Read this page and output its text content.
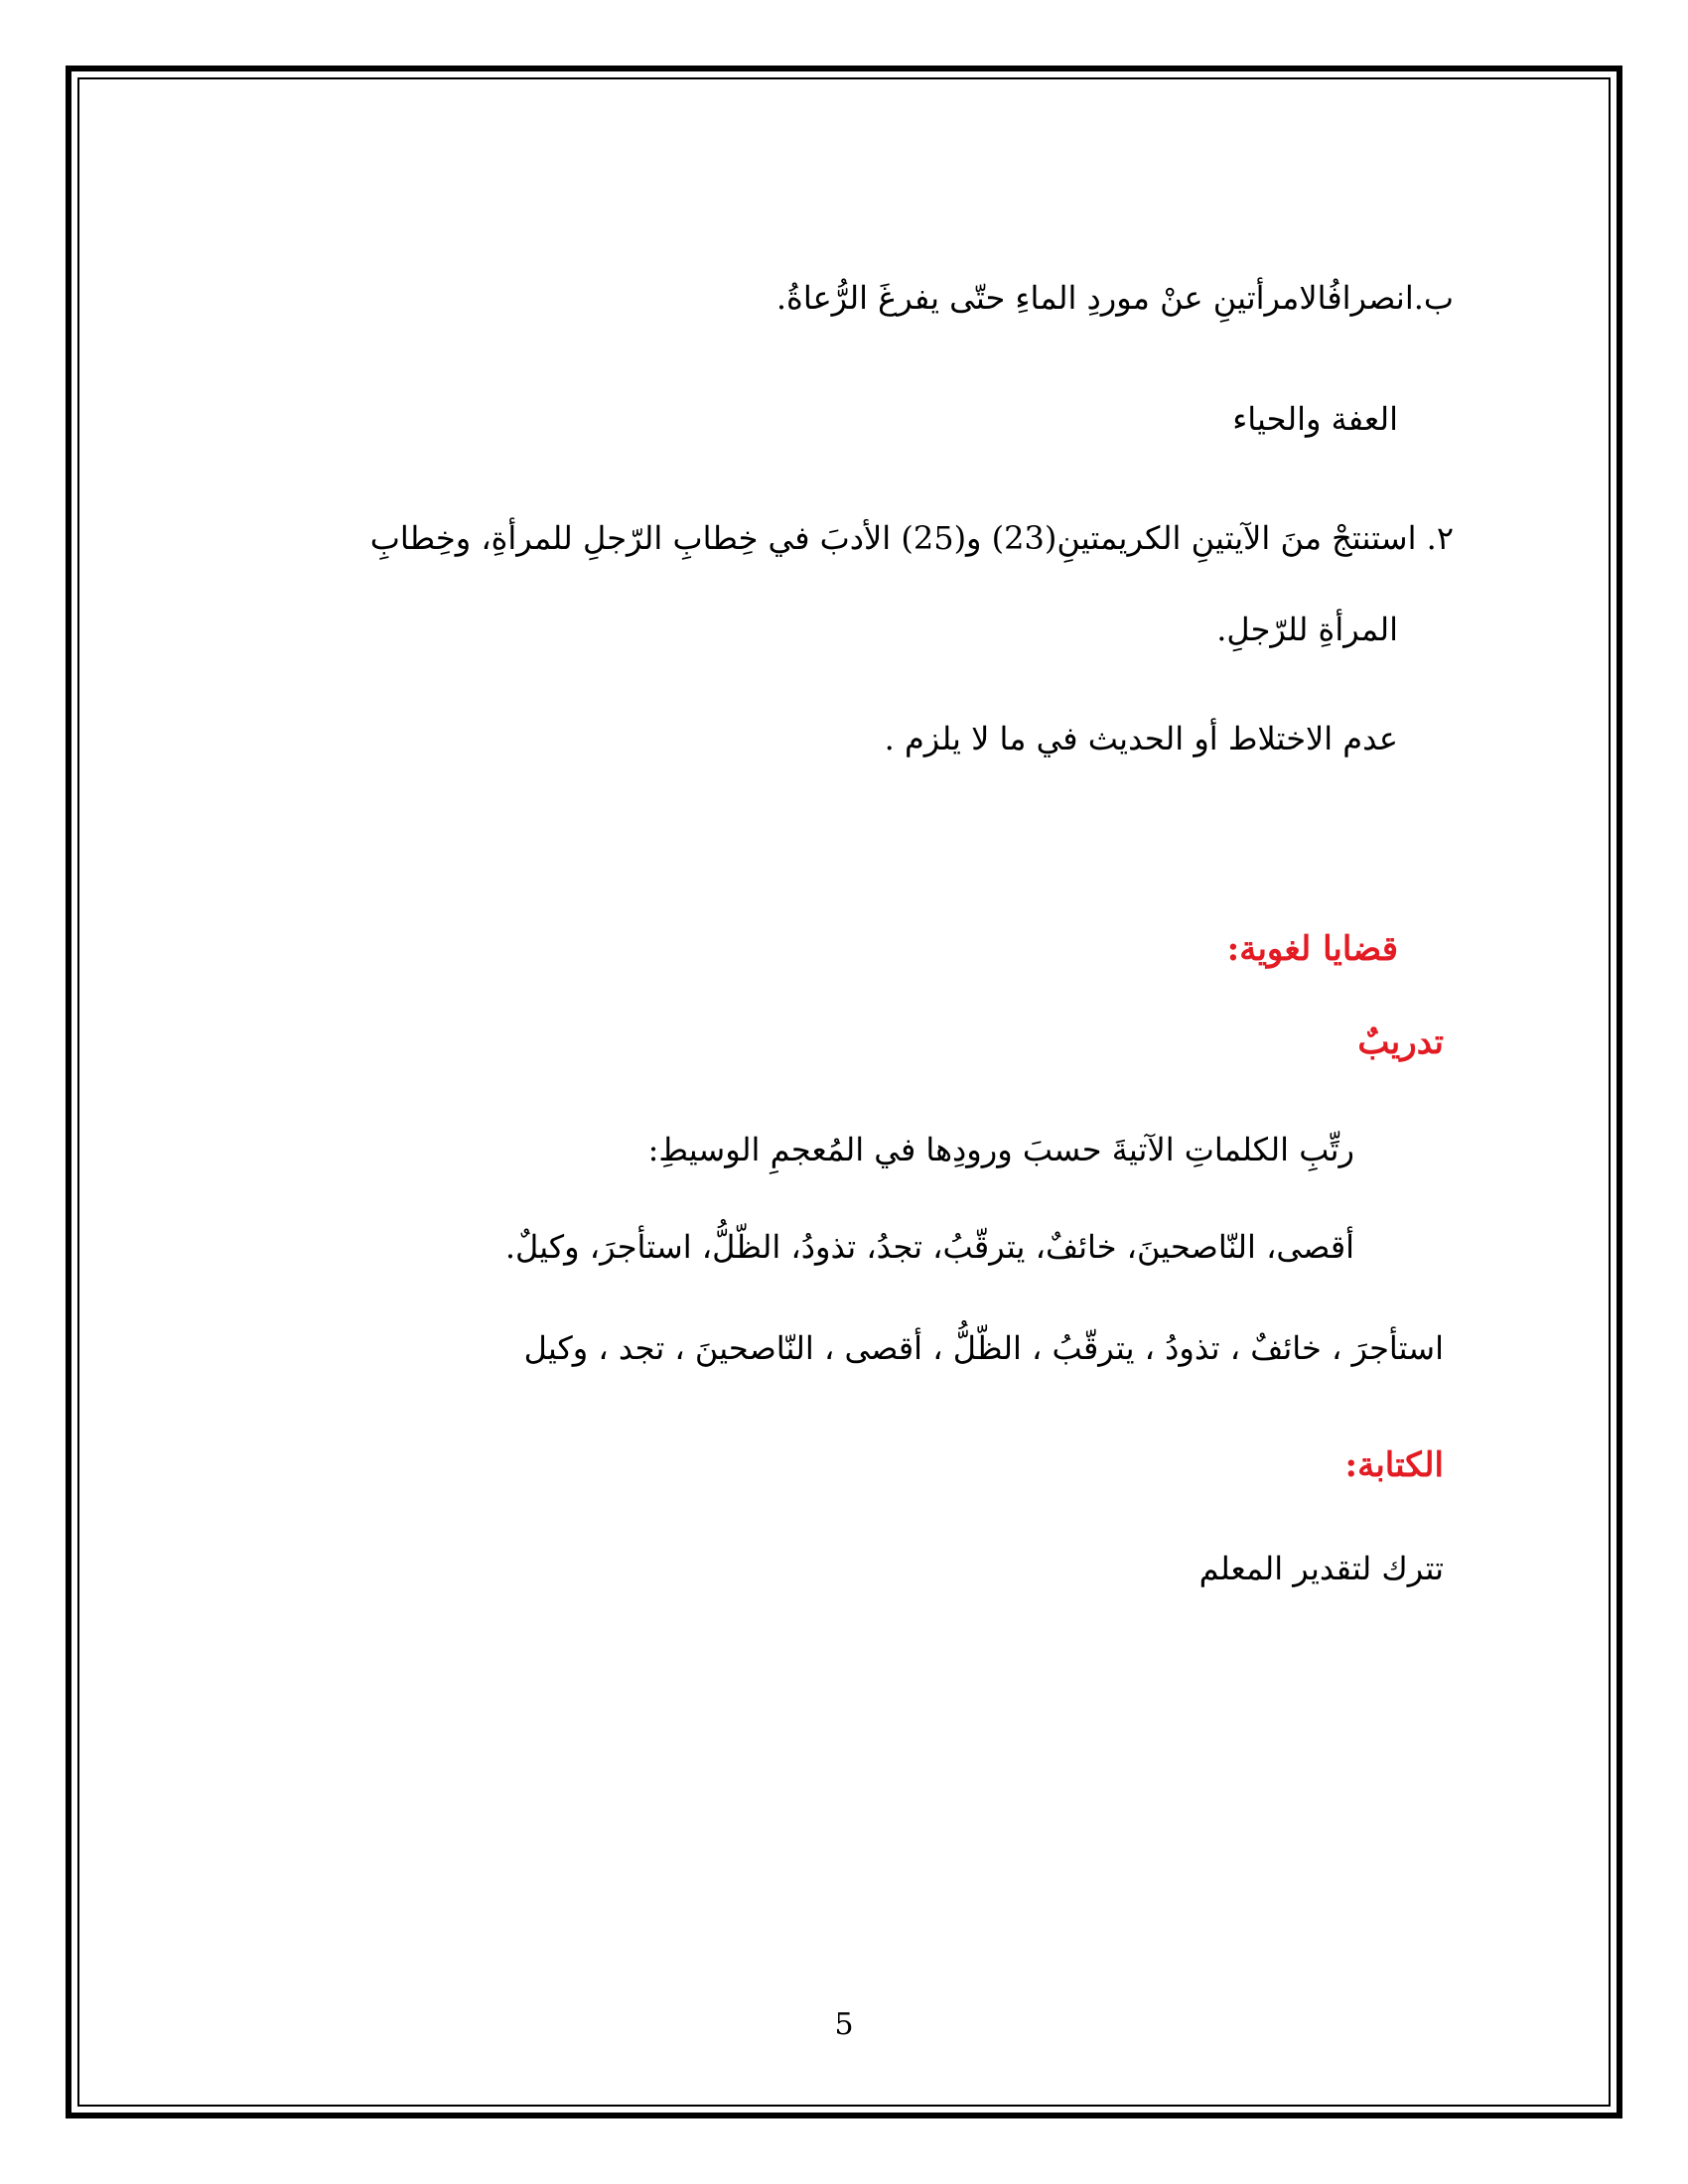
ب.انصرافُالامرأتينِ عنْ موردِ الماءِ حتّى يفرغَ الرُّعاةُ.
العفة والحياء
٢. استنتجْ منَ الآيتينِ الكريمتينِ(23) و(25) الأدبَ في خِطابِ الرّجلِ للمرأةِ، وخِطابِ
المرأةِ للرّجلِ.
عدم الاختلاط أو الحديث في ما لا يلزم .
قضايا لغوية:
تدريبٌ
رتِّبِ الكلماتِ الآتيةَ حسبَ ورودِها في المُعجمِ الوسيطِ:
أقصى، النّاصحينَ، خائفٌ، يترقّبُ، تجدُ، تذودُ، الظّلُّ، استأجرَ، وكيلٌ.
استأجرَ ، خائفٌ ، تذودُ ، يترقّبُ ، الظّلُّ ، أقصى ، النّاصحينَ ، تجد ، وكيل
الكتابة:
تترك لتقدير المعلم
5
